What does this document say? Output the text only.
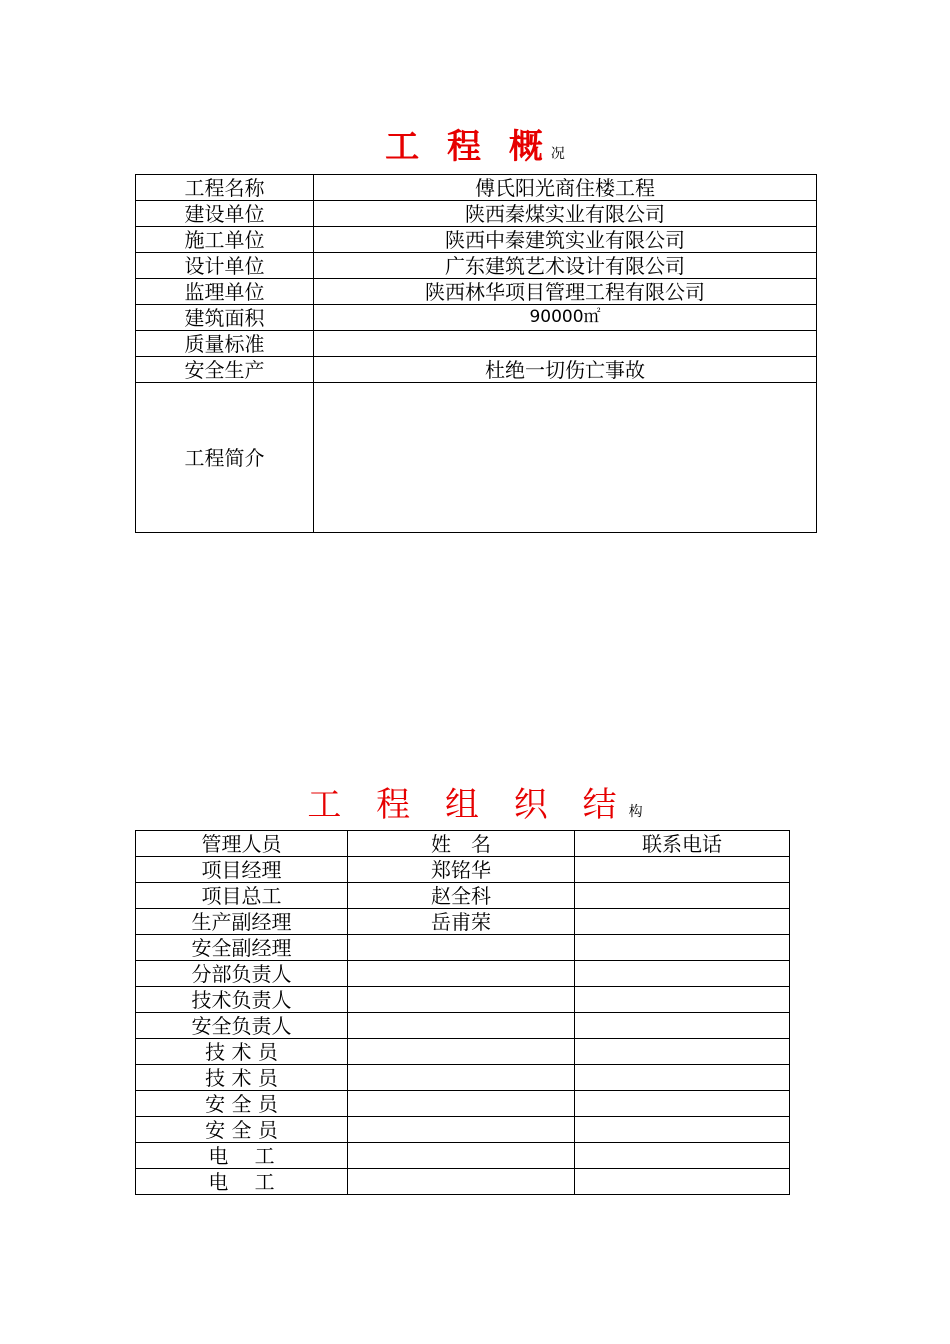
工 程 概况
工程名称	傅氏阳光商住楼工程
建设单位	陕西秦煤实业有限公司
施工单位	陕西中秦建筑实业有限公司
设计单位	广东建筑艺术设计有限公司
监理单位	陕西林华项目管理工程有限公司
建筑面积	90000㎡
质量标准	
安全生产	杜绝一切伤亡事故
工程简介	
工 程 组 织 结构
管理人员	姓　名	联系电话
项目经理	郑铭华	
项目总工	赵全科	
生产副经理	岳甫荣	
安全副经理		
分部负责人		
技术负责人		
安全负责人		
技 术 员		
技 术 员		
安 全 员		
安 全 员		
电　 工		
电　 工		
